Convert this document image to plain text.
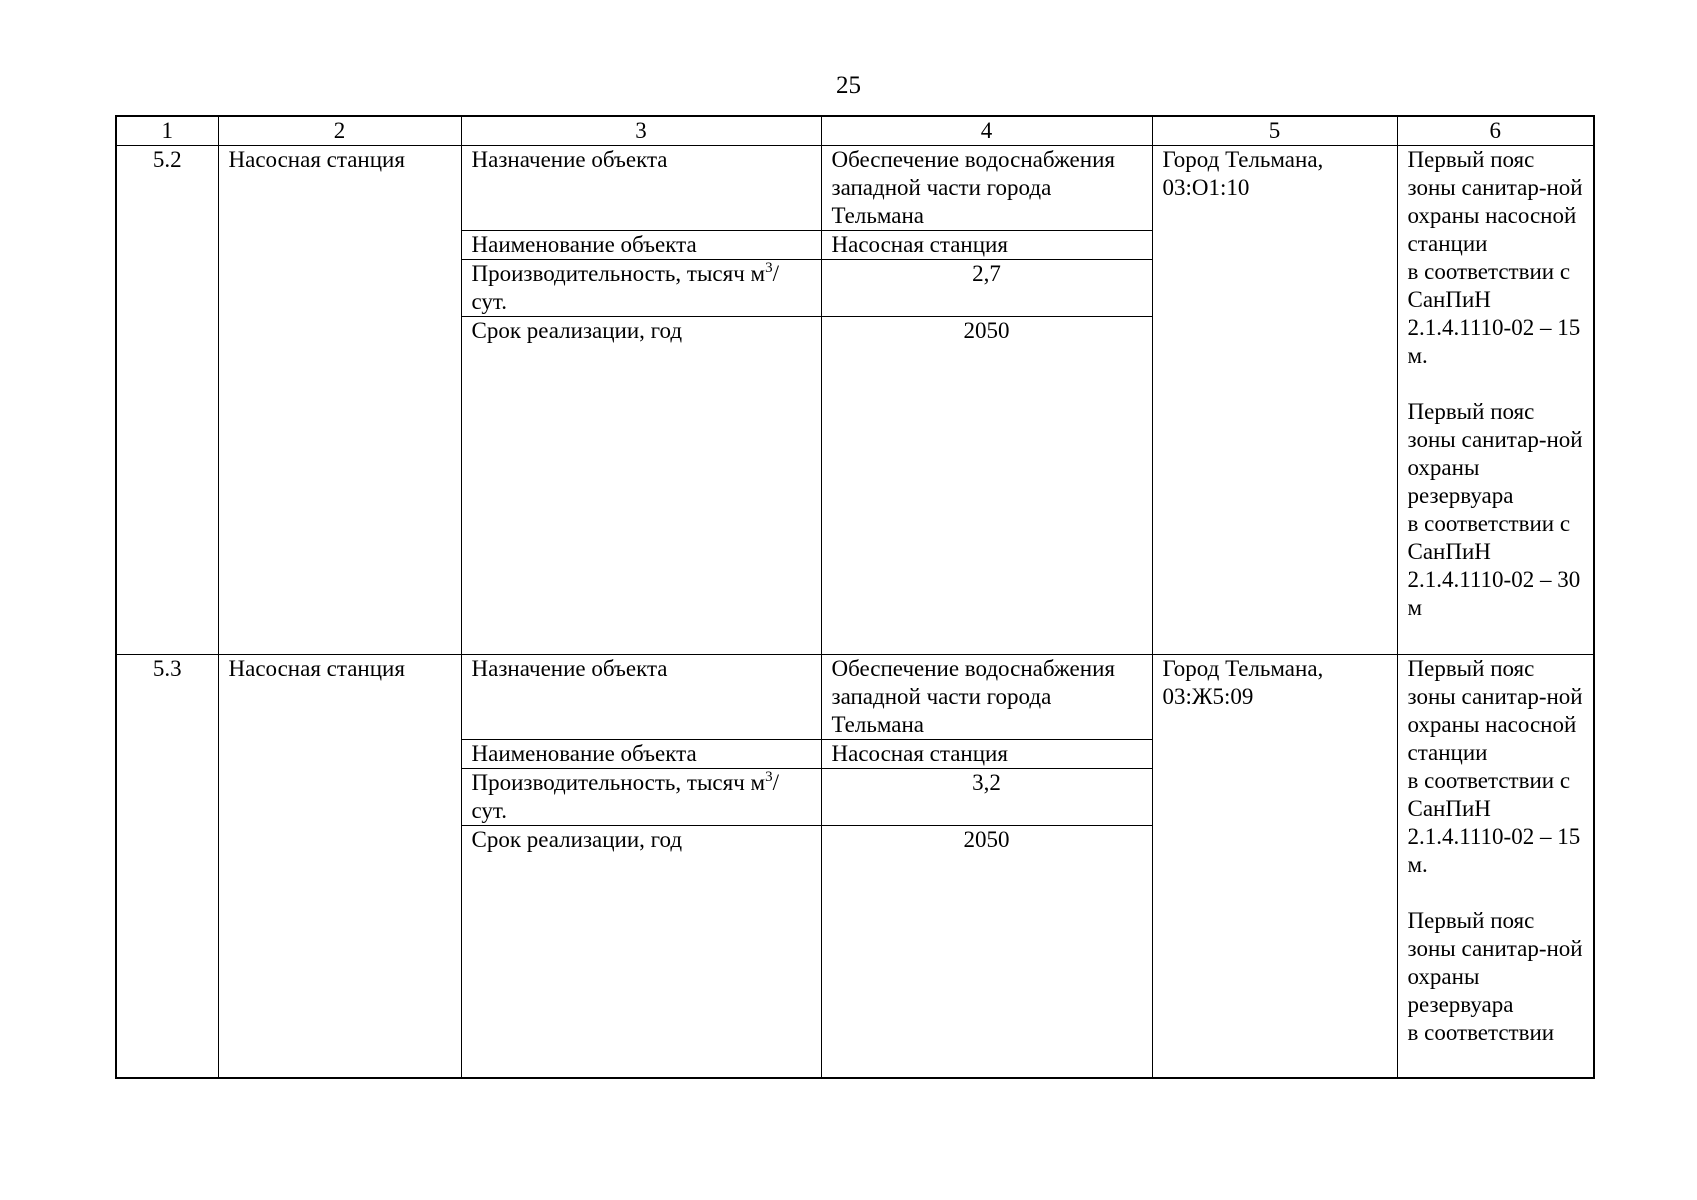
25
1	2	3	4	5	6
5.2	Насосная станция	Назначение объекта	Обеспечение водоснабжения западной части города Тельмана	Город Тельмана, 03:О1:10	Первый пояс зоны санитар-ной охраны насосной станции
в соответствии с СанПиН 2.1.4.1110-02 – 15 м.

Первый пояс зоны санитар-ной охраны резервуара
в соответствии с СанПиН 2.1.4.1110-02 – 30 м
		Наименование объекта	Насосная станция		
		Производительность, тысяч $м^3$/сут.	2,7		
		Срок реализации, год	2050		

5.3	Насосная станция	Назначение объекта	Обеспечение водоснабжения западной части города Тельмана	Город Тельмана, 03:Ж5:09	Первый пояс зоны санитар-ной охраны насосной станции
в соответствии с СанПиН 2.1.4.1110-02 – 15 м.

Первый пояс зоны санитар-ной охраны резервуара
в соответствии
		Наименование объекта	Насосная станция		
		Производительность, тысяч $м^3$/сут.	3,2		
		Срок реализации, год	2050		
